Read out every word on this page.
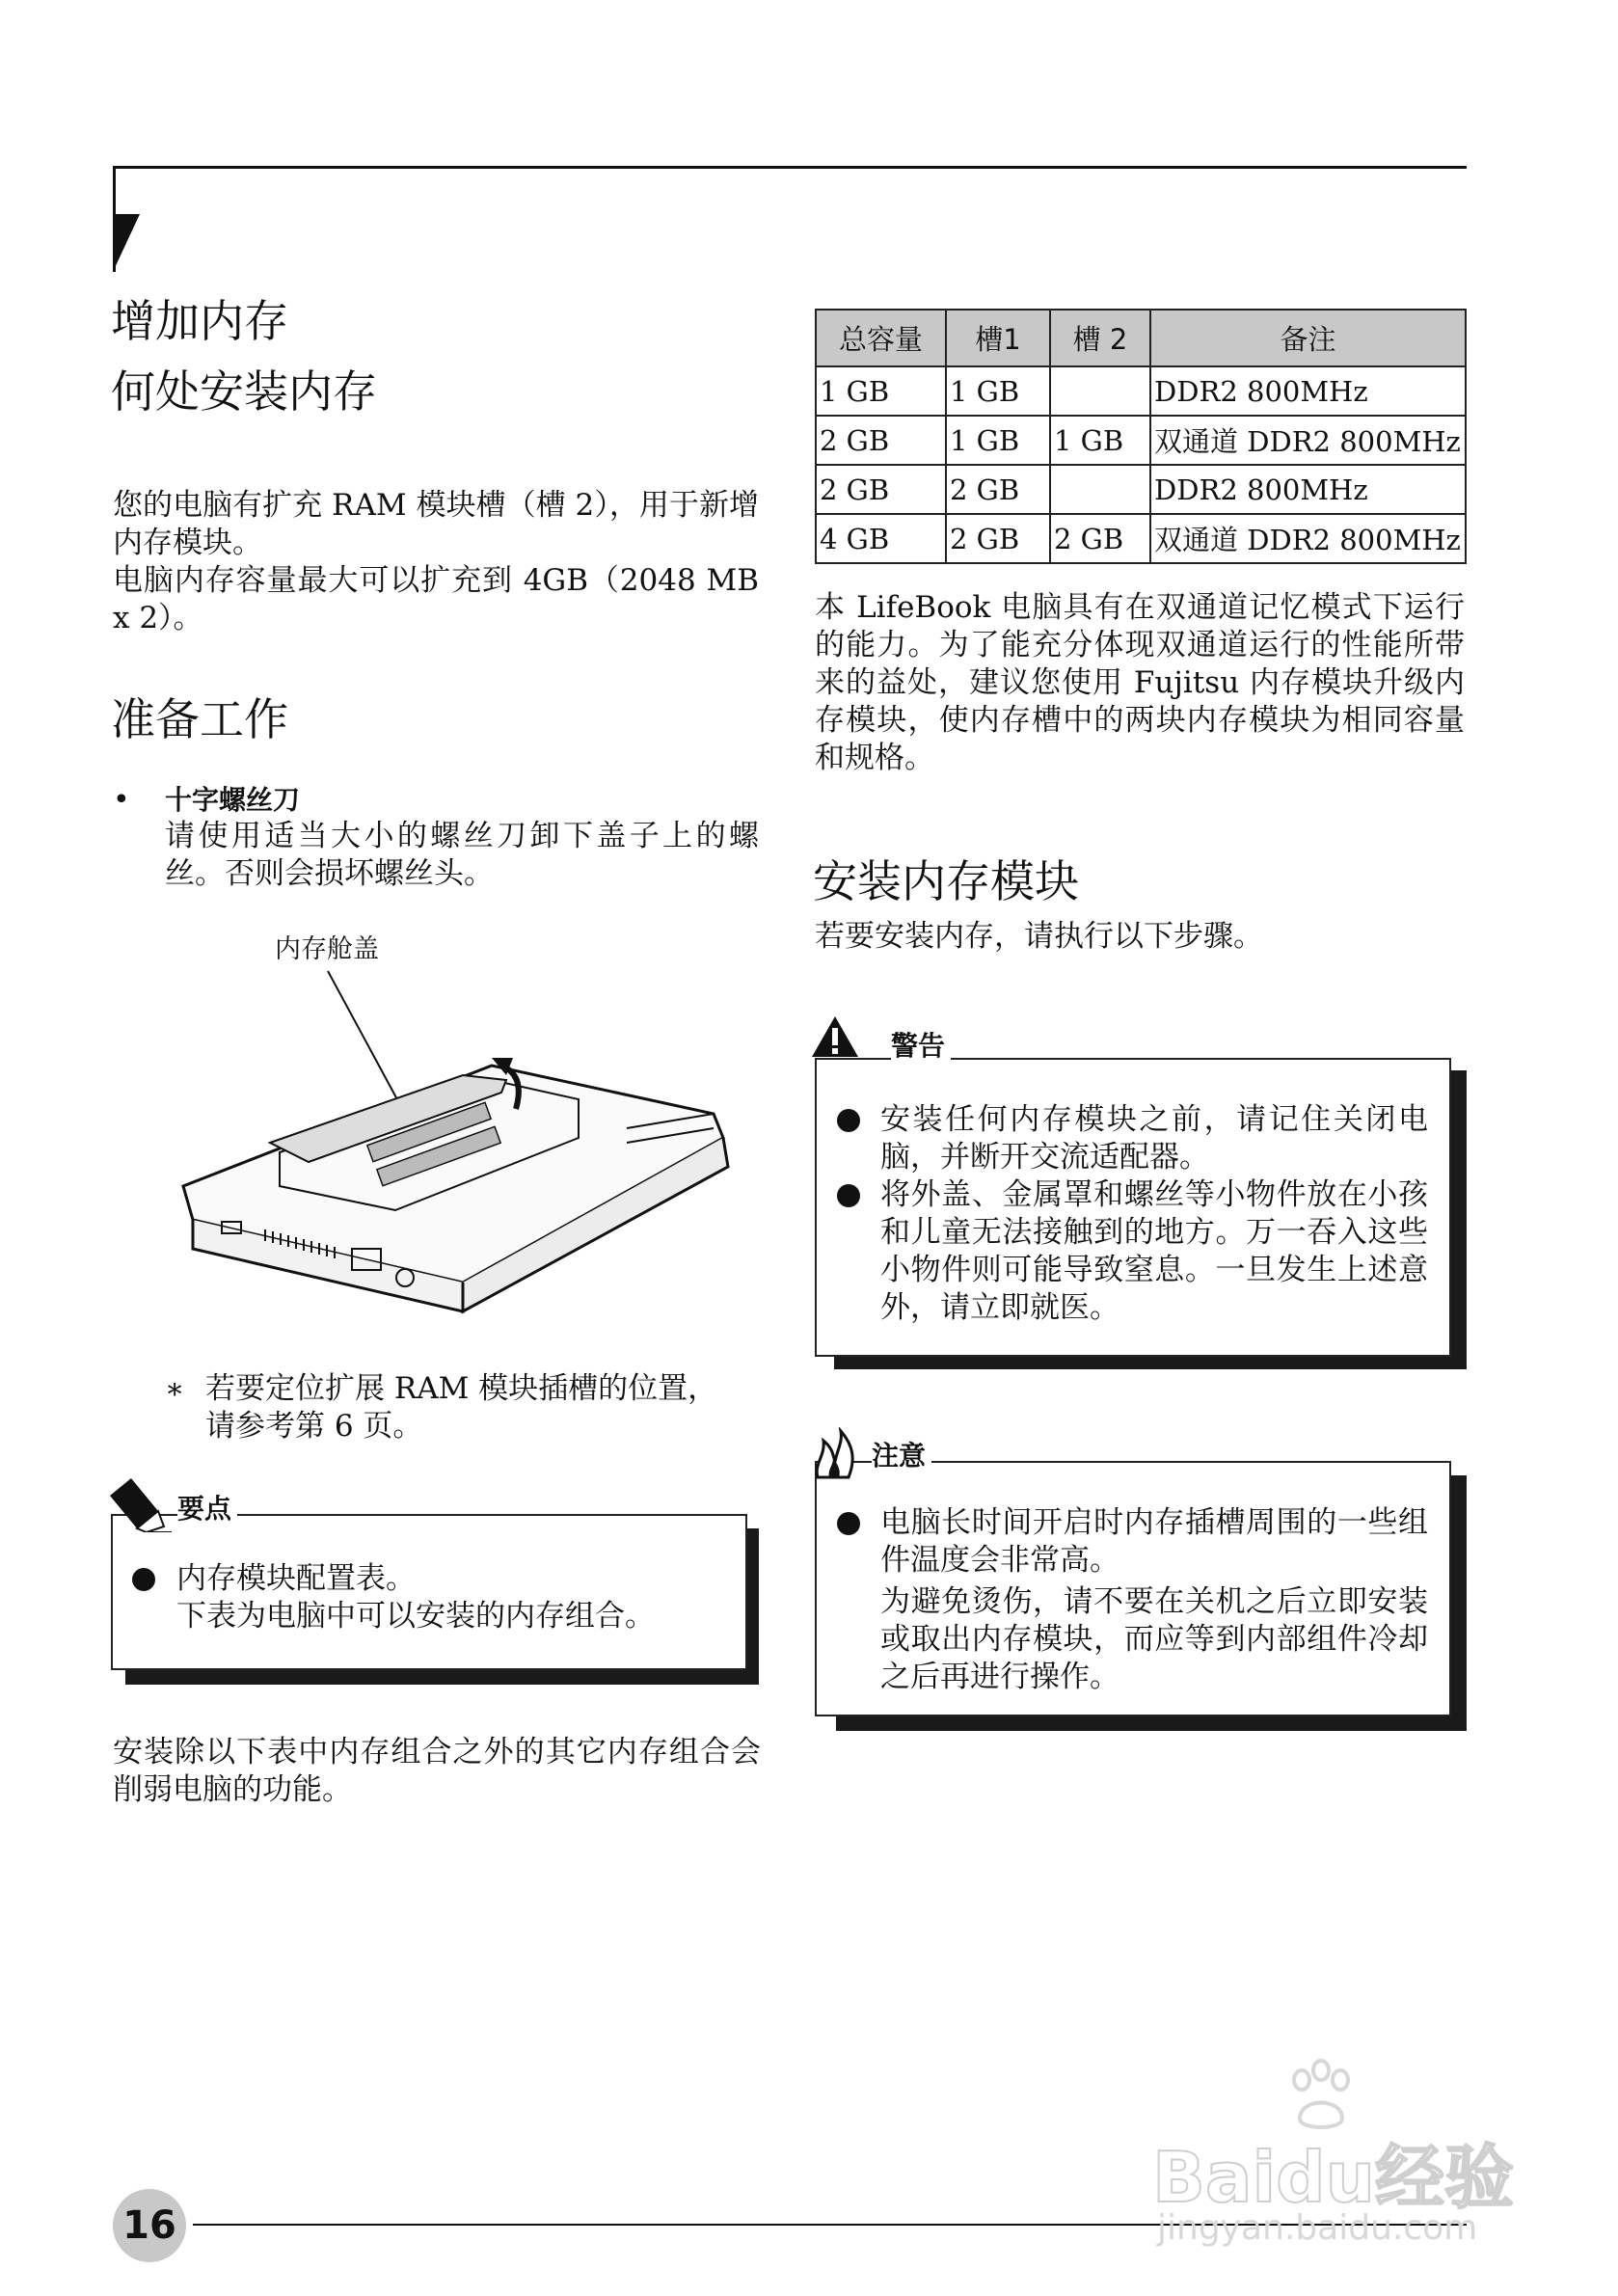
增加内存
何处安装内存

您的电脑有扩充 RAM 模块槽（槽 2），用于新增内存模块。

电脑内存容量最大可以扩充到 4GB（2048 MB x 2）。

准备工作
• 十字螺丝刀
请使用适当大小的螺丝刀卸下盖子上的螺丝。否则会损坏螺丝头。
内存舱盖
∗ 若要定位扩展 RAM 模块插槽的位置，
请参考第 6 页。
要点
内存模块配置表。
下表为电脑中可以安装的内存组合。
安装除以下表中内存组合之外的其它内存组合会削弱电脑的功能。
总容量	槽1	槽 2	备注
1 GB	1 GB		DDR2 800MHz
2 GB	1 GB	1 GB	双通道 DDR2 800MHz
2 GB	2 GB		DDR2 800MHz
4 GB	2 GB	2 GB	双通道 DDR2 800MHz
本 LifeBook 电脑具有在双通道记忆模式下运行的能力。为了能充分体现双通道运行的性能所带来的益处，建议您使用 Fujitsu 内存模块升级内存模块，使内存槽中的两块内存模块为相同容量和规格。
安装内存模块
若要安装内存，请执行以下步骤。
警告
安装任何内存模块之前，请记住关闭电脑，并断开交流适配器。
将外盖、金属罩和螺丝等小物件放在小孩和儿童无法接触到的地方。万一吞入这些小物件则可能导致窒息。一旦发生上述意外，请立即就医。
注意
电脑长时间开启时内存插槽周围的一些组件温度会非常高。
为避免烫伤，请不要在关机之后立即安装或取出内存模块，而应等到内部组件冷却之后再进行操作。
16
Baidu经验
jingyan.baidu.com
